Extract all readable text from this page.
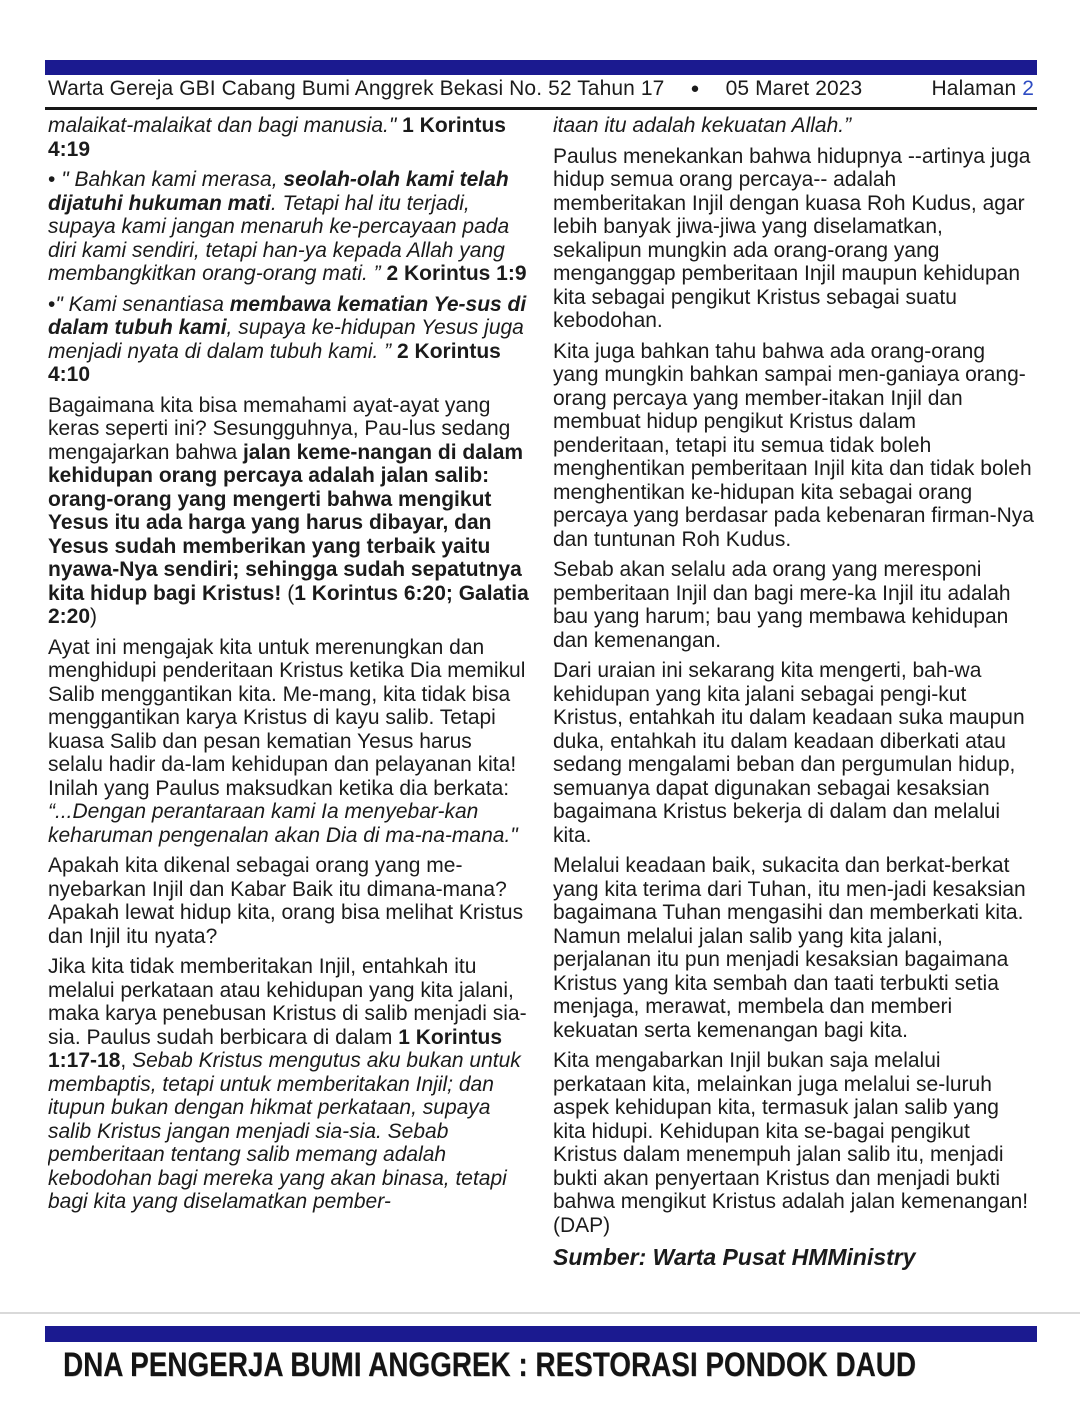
Warta Gereja GBI Cabang Bumi Anggrek Bekasi No. 52 Tahun 17 ● 05 Maret 2023	Halaman 2

malaikat-malaikat dan bagi manusia." 1 Korintus 4:19

• " Bahkan kami merasa, seolah-olah kami telah dijatuhi hukuman mati. Tetapi hal itu terjadi, supaya kami jangan menaruh ke-percayaan pada diri kami sendiri, tetapi han-ya kepada Allah yang membangkitkan orang-orang mati. ” 2 Korintus 1:9

•" Kami senantiasa membawa kematian Ye-sus di dalam tubuh kami, supaya ke-hidupan Yesus juga menjadi nyata di dalam tubuh kami. ” 2 Korintus 4:10

Bagaimana kita bisa memahami ayat-ayat yang keras seperti ini? Sesungguhnya, Pau-lus sedang mengajarkan bahwa jalan keme-nangan di dalam kehidupan orang percaya adalah jalan salib: orang-orang yang mengerti bahwa mengikut Yesus itu ada harga yang harus dibayar, dan Yesus sudah memberikan yang terbaik yaitu nyawa-Nya sendiri; sehingga sudah sepatutnya kita hidup bagi Kristus! (1 Korintus 6:20; Galatia 2:20)

Ayat ini mengajak kita untuk merenungkan dan menghidupi penderitaan Kristus ketika Dia memikul Salib menggantikan kita. Me-mang, kita tidak bisa menggantikan karya Kristus di kayu salib. Tetapi kuasa Salib dan pesan kematian Yesus harus selalu hadir da-lam kehidupan dan pelayanan kita! Inilah yang Paulus maksudkan ketika dia berkata: “...Dengan perantaraan kami Ia menyebar-kan keharuman pengenalan akan Dia di ma-na-mana."

Apakah kita dikenal sebagai orang yang me-nyebarkan Injil dan Kabar Baik itu dimana-mana? Apakah lewat hidup kita, orang bisa melihat Kristus dan Injil itu nyata?

Jika kita tidak memberitakan Injil, entahkah itu melalui perkataan atau kehidupan yang kita jalani, maka karya penebusan Kristus di salib menjadi sia-sia. Paulus sudah berbicara di dalam 1 Korintus 1:17-18, Sebab Kristus mengutus aku bukan untuk membaptis, tetapi untuk memberitakan Injil; dan itupun bukan dengan hikmat perkataan, supaya salib Kristus jangan menjadi sia-sia. Sebab pemberitaan tentang salib memang adalah kebodohan bagi mereka yang akan binasa, tetapi bagi kita yang diselamatkan pember-

itaan itu adalah kekuatan Allah.”

Paulus menekankan bahwa hidupnya --artinya juga hidup semua orang percaya-- adalah memberitakan Injil dengan kuasa Roh Kudus, agar lebih banyak jiwa-jiwa yang diselamatkan, sekalipun mungkin ada orang-orang yang menganggap pemberitaan Injil maupun kehidupan kita sebagai pengikut Kristus sebagai suatu kebodohan.

Kita juga bahkan tahu bahwa ada orang-orang yang mungkin bahkan sampai men-ganiaya orang-orang percaya yang member-itakan Injil dan membuat hidup pengikut Kristus dalam penderitaan, tetapi itu semua tidak boleh menghentikan pemberitaan Injil kita dan tidak boleh menghentikan ke-hidupan kita sebagai orang percaya yang berdasar pada kebenaran firman-Nya dan tuntunan Roh Kudus.

Sebab akan selalu ada orang yang meresponi pemberitaan Injil dan bagi mere-ka Injil itu adalah bau yang harum; bau yang membawa kehidupan dan kemenangan.

Dari uraian ini sekarang kita mengerti, bah-wa kehidupan yang kita jalani sebagai pengi-kut Kristus, entahkah itu dalam keadaan suka maupun duka, entahkah itu dalam keadaan diberkati atau sedang mengalami beban dan pergumulan hidup, semuanya dapat digunakan sebagai kesaksian bagaimana Kristus bekerja di dalam dan melalui kita.

Melalui keadaan baik, sukacita dan berkat-berkat yang kita terima dari Tuhan, itu men-jadi kesaksian bagaimana Tuhan mengasihi dan memberkati kita. Namun melalui jalan salib yang kita jalani, perjalanan itu pun menjadi kesaksian bagaimana Kristus yang kita sembah dan taati terbukti setia menjaga, merawat, membela dan memberi kekuatan serta kemenangan bagi kita.

Kita mengabarkan Injil bukan saja melalui perkataan kita, melainkan juga melalui se-luruh aspek kehidupan kita, termasuk jalan salib yang kita hidupi. Kehidupan kita se-bagai pengikut Kristus dalam menempuh jalan salib itu, menjadi bukti akan penyertaan Kristus dan menjadi bukti bahwa mengikut Kristus adalah jalan kemenangan! (DAP)

Sumber: Warta Pusat HMMinistry

DNA PENGERJA BUMI ANGGREK : RESTORASI PONDOK DAUD
